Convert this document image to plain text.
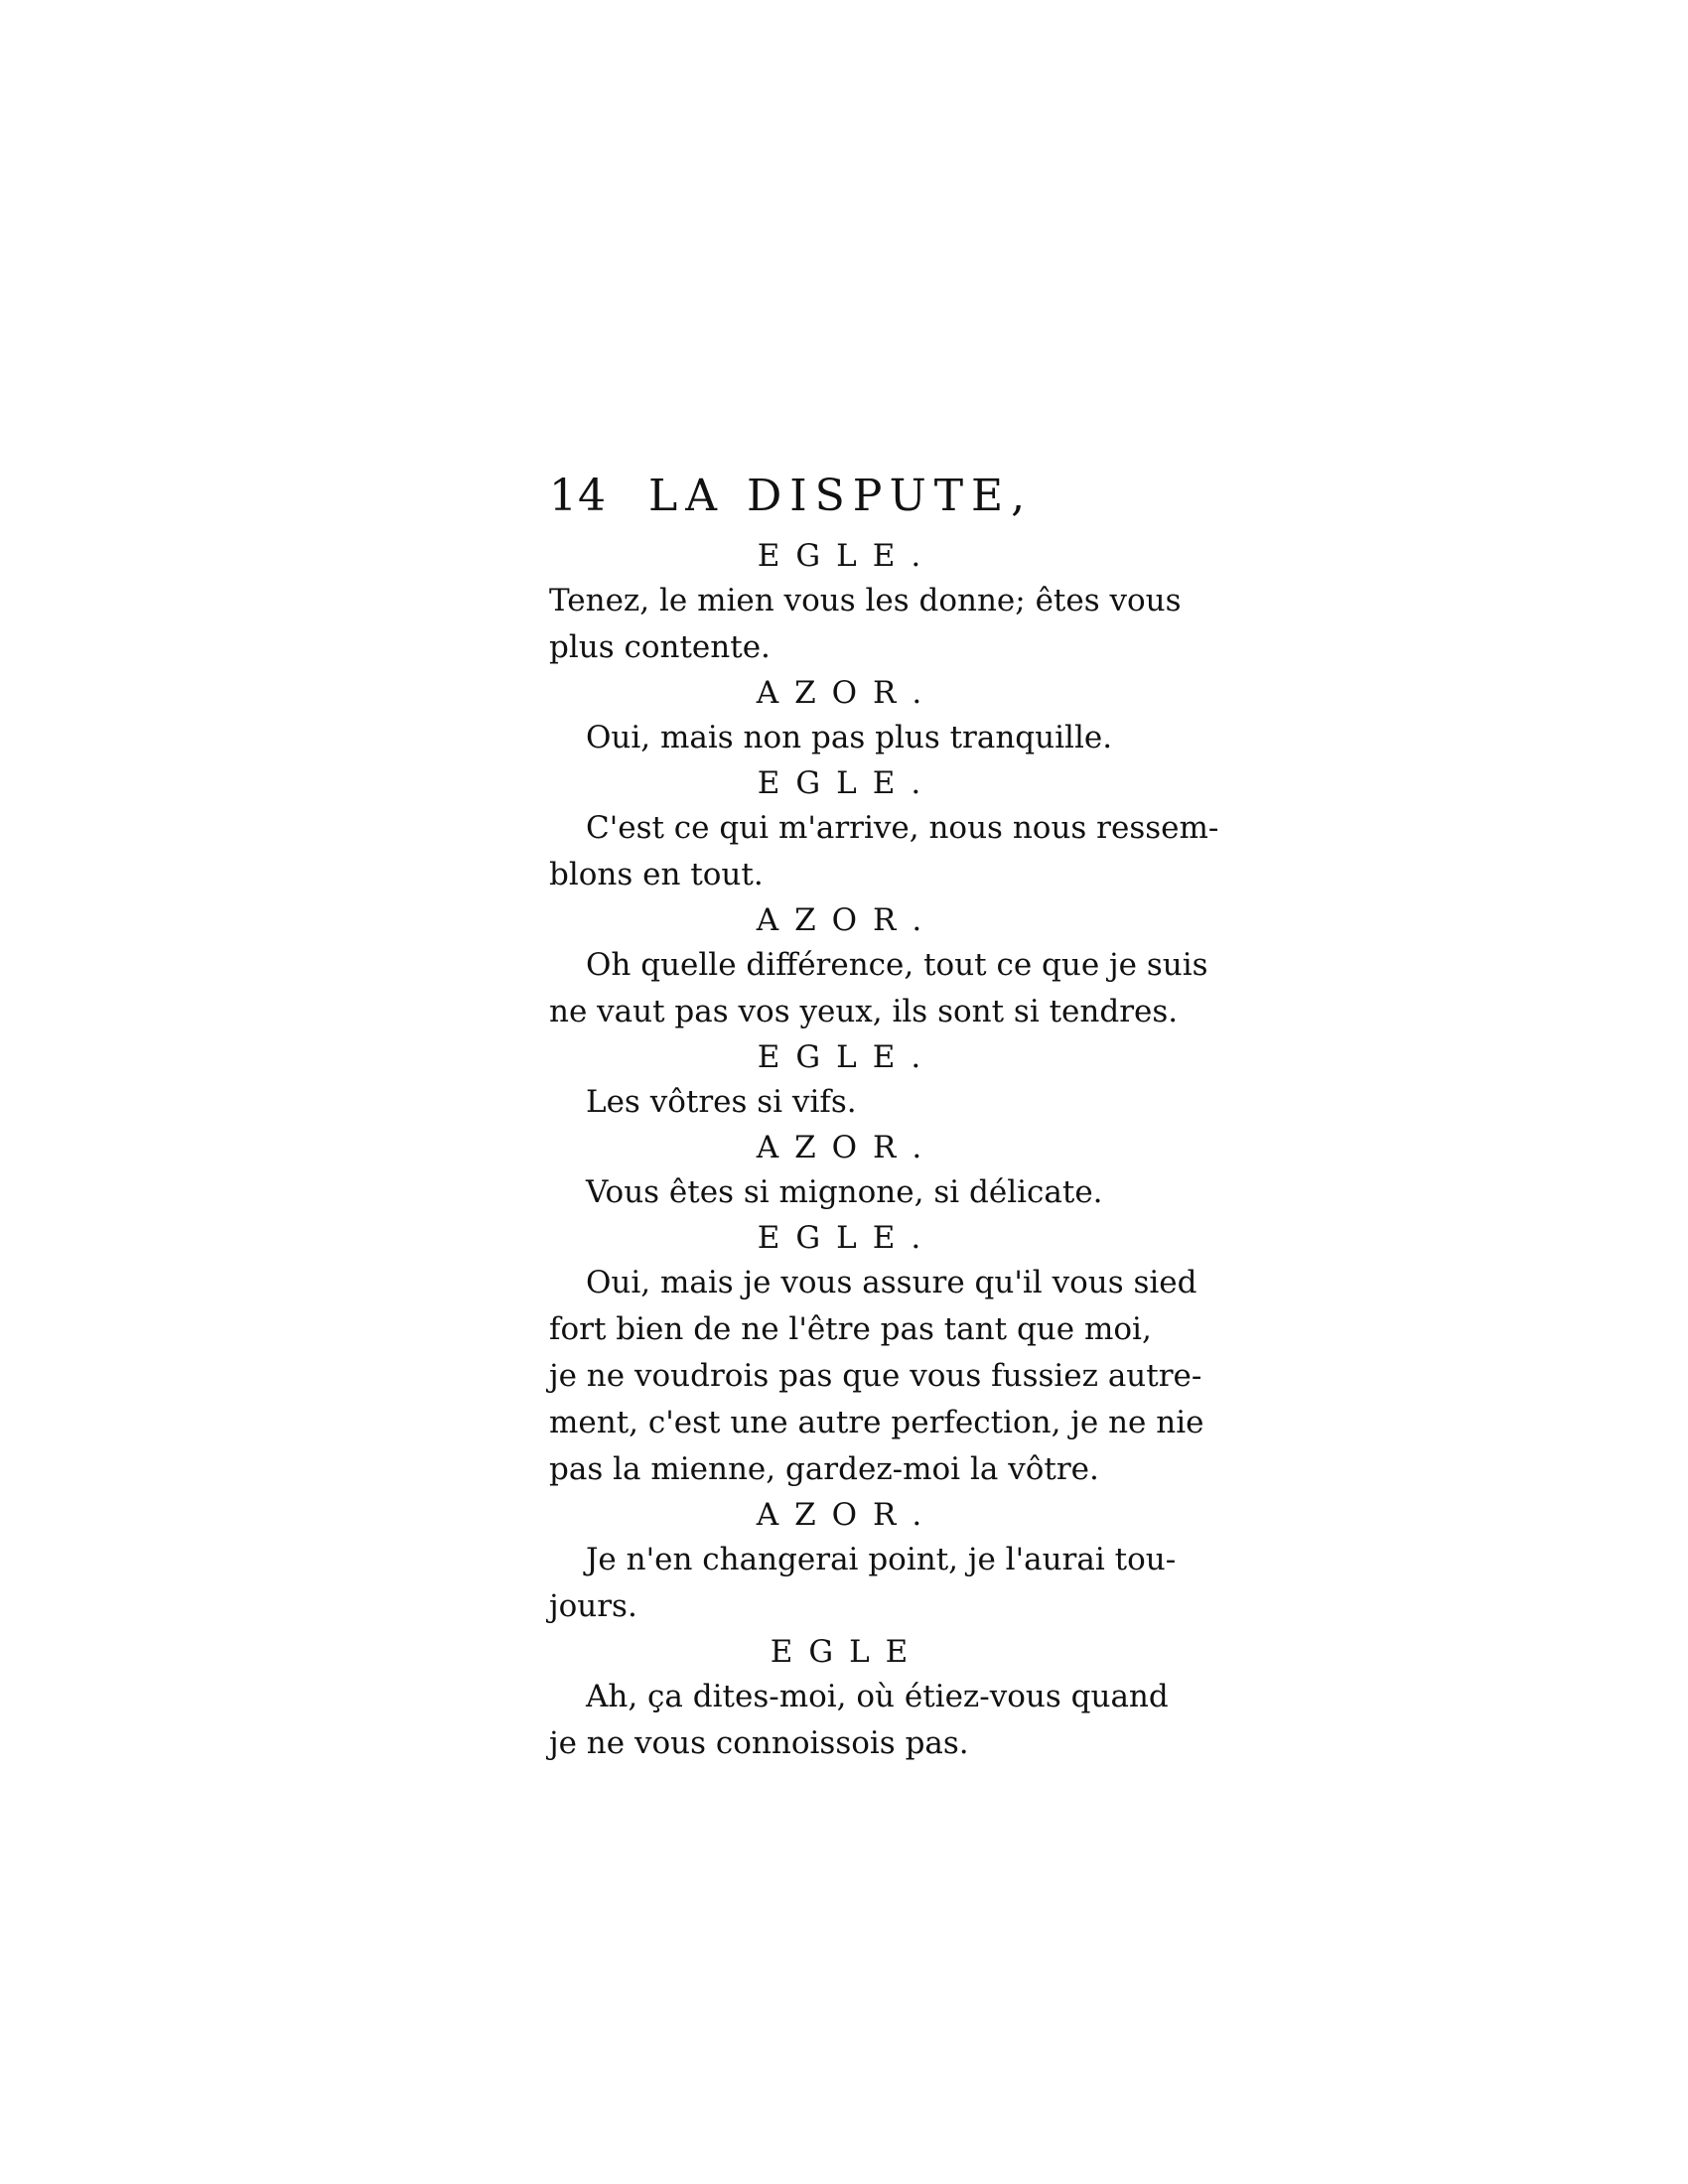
14 LA DISPUTE,
EGLE.
Tenez, le mien vous les donne; êtes vous
plus contente.
AZOR.
Oui, mais non pas plus tranquille.
EGLE.
C'est ce qui m'arrive, nous nous ressem-
blons en tout.
AZOR.
Oh quelle différence, tout ce que je suis
ne vaut pas vos yeux, ils sont si tendres.
EGLE.
Les vôtres si vifs.
AZOR.
Vous êtes si mignone, si délicate.
EGLE.
Oui, mais je vous assure qu'il vous sied
fort bien de ne l'être pas tant que moi,
je ne voudrois pas que vous fussiez autre-
ment, c'est une autre perfection, je ne nie
pas la mienne, gardez-moi la vôtre.
AZOR.
Je n'en changerai point, je l'aurai tou-
jours.
EGLE
Ah, ça dites-moi, où étiez-vous quand
je ne vous connoissois pas.
